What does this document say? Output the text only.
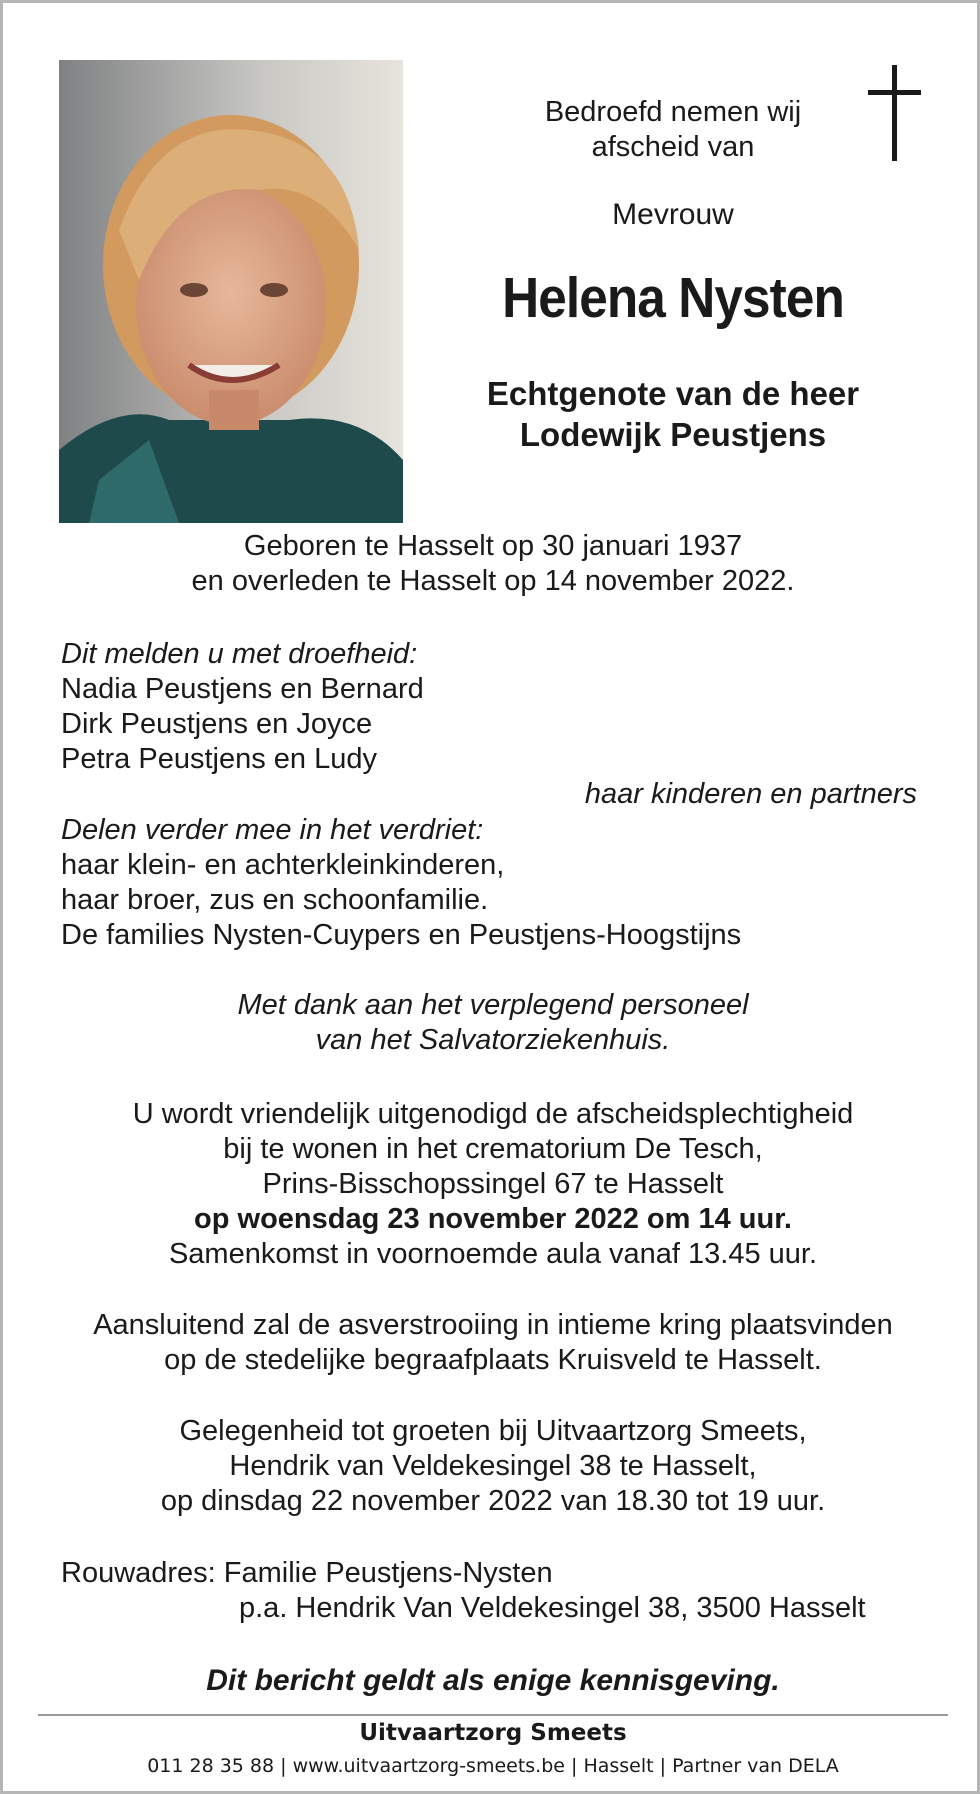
Bedroefd nemen wij
afscheid van
Mevrouw
Helena Nysten
Echtgenote van de heer
Lodewijk Peustjens
Geboren te Hasselt op 30 januari 1937
en overleden te Hasselt op 14 november 2022.
Dit melden u met droefheid:
Nadia Peustjens en Bernard
Dirk Peustjens en Joyce
Petra Peustjens en Ludy
haar kinderen en partners
Delen verder mee in het verdriet:
haar klein- en achterkleinkinderen,
haar broer, zus en schoonfamilie.
De families Nysten-Cuypers en Peustjens-Hoogstijns
Met dank aan het verplegend personeel
van het Salvatorziekenhuis.
U wordt vriendelijk uitgenodigd de afscheidsplechtigheid
bij te wonen in het crematorium De Tesch,
Prins-Bisschopssingel 67 te Hasselt
op woensdag 23 november 2022 om 14 uur.
Samenkomst in voornoemde aula vanaf 13.45 uur.
Aansluitend zal de asverstrooiing in intieme kring plaatsvinden
op de stedelijke begraafplaats Kruisveld te Hasselt.
Gelegenheid tot groeten bij Uitvaartzorg Smeets,
Hendrik van Veldekesingel 38 te Hasselt,
op dinsdag 22 november 2022 van 18.30 tot 19 uur.
Rouwadres: Familie Peustjens-Nysten
p.a. Hendrik Van Veldekesingel 38, 3500 Hasselt
Dit bericht geldt als enige kennisgeving.
Uitvaartzorg Smeets
011 28 35 88 | www.uitvaartzorg-smeets.be | Hasselt | Partner van DELA
